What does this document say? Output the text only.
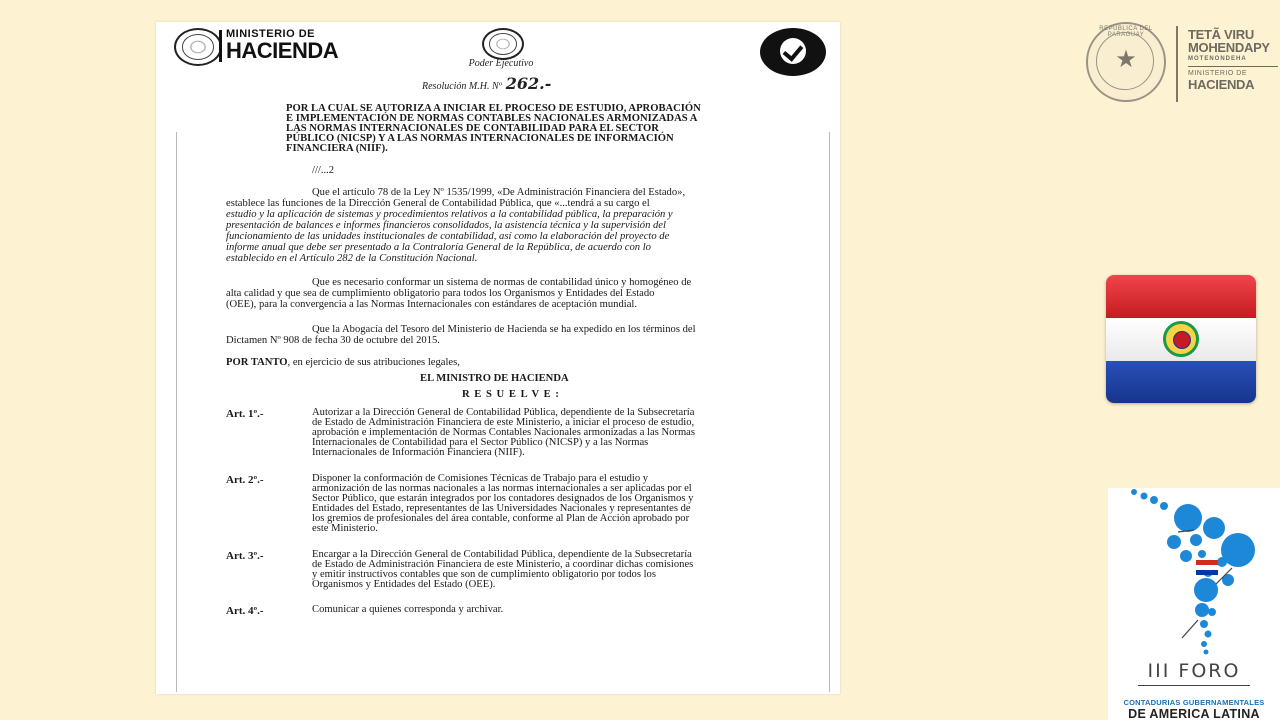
MINISTERIO DE
HACIENDA
Poder Ejecutivo
Resolución M.H. Nº 262.-
POR LA CUAL SE AUTORIZA A INICIAR EL PROCESO DE ESTUDIO, APROBACIÓN
E IMPLEMENTACIÓN DE NORMAS CONTABLES NACIONALES ARMONIZADAS A
LAS NORMAS INTERNACIONALES DE CONTABILIDAD PARA EL SECTOR
PÚBLICO (NICSP) Y A LAS NORMAS INTERNACIONALES DE INFORMACIÓN
FINANCIERA (NIIF).
///...2
Que el artículo 78 de la Ley Nº 1535/1999, «De Administración Financiera del Estado»,
establece las funciones de la Dirección General de Contabilidad Pública, que «...tendrá a su cargo el
estudio y la aplicación de sistemas y procedimientos relativos a la contabilidad pública, la preparación y
presentación de balances e informes financieros consolidados, la asistencia técnica y la supervisión del
funcionamiento de las unidades institucionales de contabilidad, así como la elaboración del proyecto de
informe anual que debe ser presentado a la Contraloría General de la República, de acuerdo con lo
establecido en el Artículo 282 de la Constitución Nacional.
Que es necesario conformar un sistema de normas de contabilidad único y homogéneo de
alta calidad y que sea de cumplimiento obligatorio para todos los Organismos y Entidades del Estado
(OEE), para la convergencia a las Normas Internacionales con estándares de aceptación mundial.
Que la Abogacía del Tesoro del Ministerio de Hacienda se ha expedido en los términos del
Dictamen Nº 908 de fecha 30 de octubre del 2015.
POR TANTO, en ejercicio de sus atribuciones legales,
EL MINISTRO DE HACIENDA
R E S U E L V E :
Art. 1º.-	Autorizar a la Dirección General de Contabilidad Pública, dependiente de la Subsecretaría
de Estado de Administración Financiera de este Ministerio, a iniciar el proceso de estudio,
aprobación e implementación de Normas Contables Nacionales armonizadas a las Normas
Internacionales de Contabilidad para el Sector Público (NICSP) y a las Normas
Internacionales de Información Financiera (NIIF).
Art. 2º.-	Disponer la conformación de Comisiones Técnicas de Trabajo para el estudio y
armonización de las normas nacionales a las normas internacionales a ser aplicadas por el
Sector Público, que estarán integrados por los contadores designados de los Organismos y
Entidades del Estado, representantes de las Universidades Nacionales y representantes de
los gremios de profesionales del área contable, conforme al Plan de Acción aprobado por
este Ministerio.
Art. 3º.-	Encargar a la Dirección General de Contabilidad Pública, dependiente de la Subsecretaría
de Estado de Administración Financiera de este Ministerio, a coordinar dichas comisiones
y emitir instructivos contables que son de cumplimiento obligatorio por todos los
Organismos y Entidades del Estado (OEE).
Art. 4º.-	Comunicar a quienes corresponda y archivar.
REPÚBLICA DEL PARAGUAY
★
TETÃ VIRU
MOHENDAPY
MOTENONDEHA
MINISTERIO DE
HACIENDA
III FORO
CONTADURIAS GUBERNAMENTALES
DE AMERICA LATINA
